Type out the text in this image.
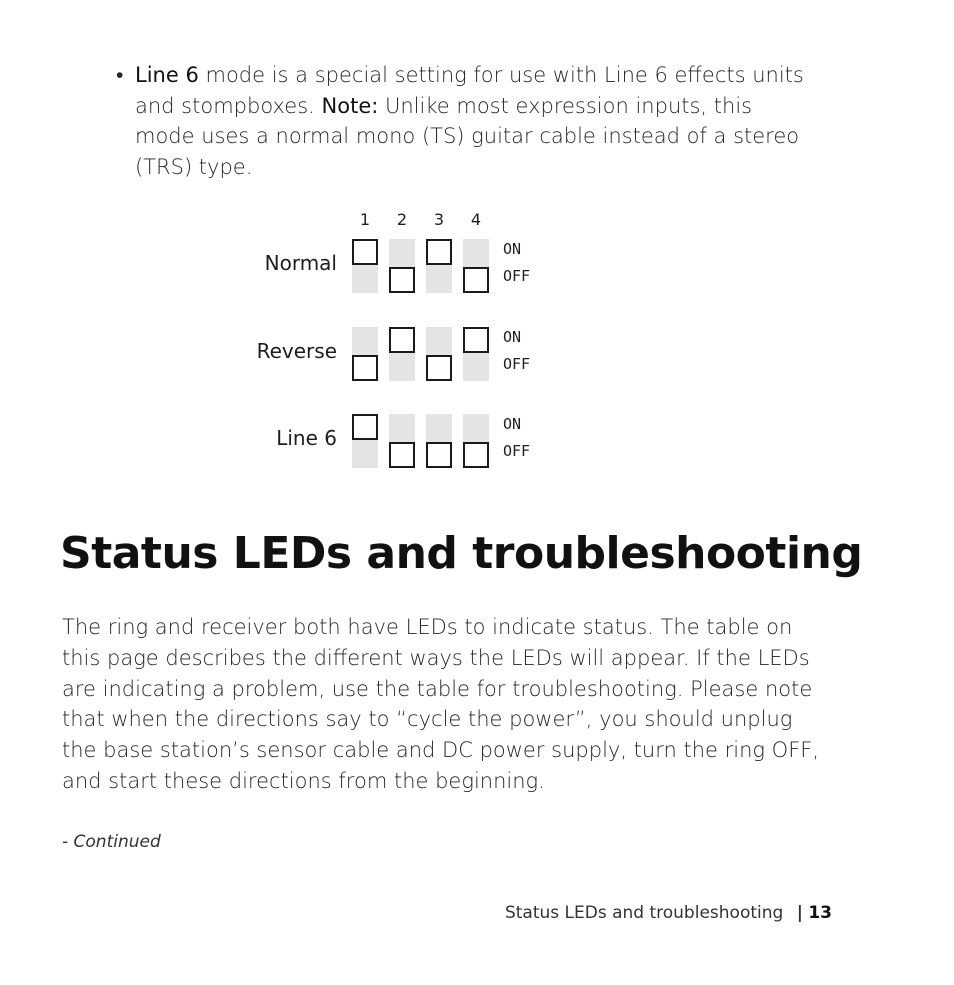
• Line 6 mode is a special setting for use with Line 6 effects units and stompboxes. Note: Unlike most expression inputs, this mode uses a normal mono (TS) guitar cable instead of a stereo (TRS) type.
1	2	3	4
Normal
ON
OFF
Reverse
ON
OFF
Line 6
ON
OFF
Status LEDs and troubleshooting
The ring and receiver both have LEDs to indicate status. The table on this page describes the different ways the LEDs will appear. If the LEDs are indicating a problem, use the table for troubleshooting. Please note that when the directions say to “cycle the power”, you should unplug the base station’s sensor cable and DC power supply, turn the ring OFF, and start these directions from the beginning.
- Continued
Status LEDs and troubleshooting | 13
